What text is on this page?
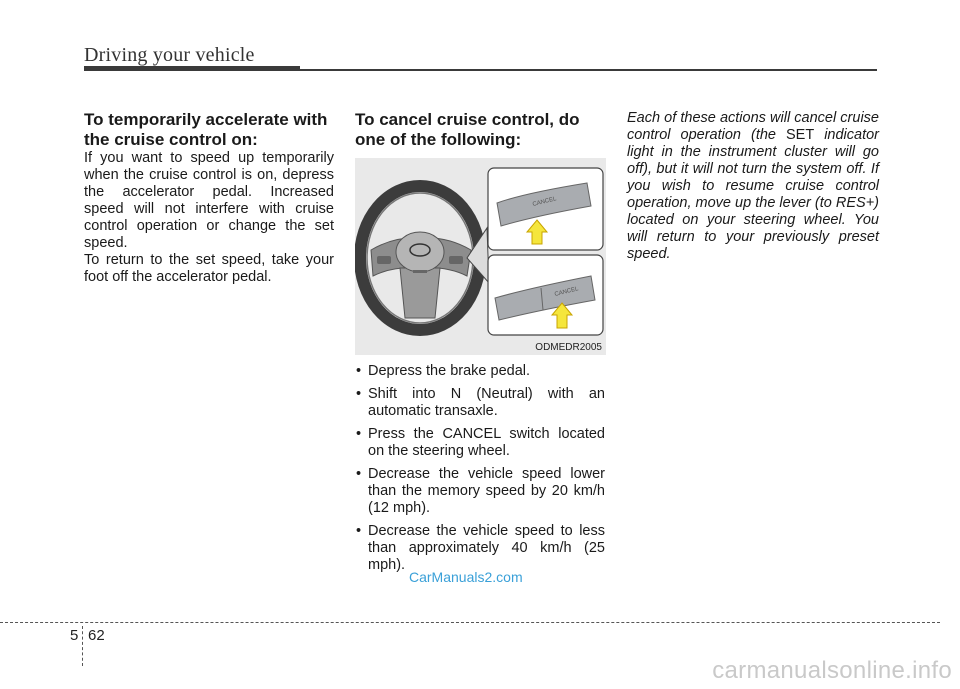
Driving your vehicle
To temporarily accelerate with the cruise control on:

If you want to speed up temporarily when the cruise control is on, depress the accelerator pedal. Increased speed will not interfere with cruise control operation or change the set speed.

To return to the set speed, take your foot off the accelerator pedal.

To cancel cruise control, do one of the following:
CANCEL
CANCEL
ODMEDR2005
• Depress the brake pedal.
• Shift into N (Neutral) with an automatic transaxle.
• Press the CANCEL switch located on the steering wheel.
• Decrease the vehicle speed lower than the memory speed by 20 km/h (12 mph).
• Decrease the vehicle speed to less than approximately 40 km/h (25 mph).

Each of these actions will cancel cruise control operation (the SET indicator light in the instrument cluster will go off), but it will not turn the system off. If you wish to resume cruise control operation, move up the lever (to RES+) located on your steering wheel. You will return to your previously preset speed.

CarManuals2.com
5 62
carmanualsonline.info
